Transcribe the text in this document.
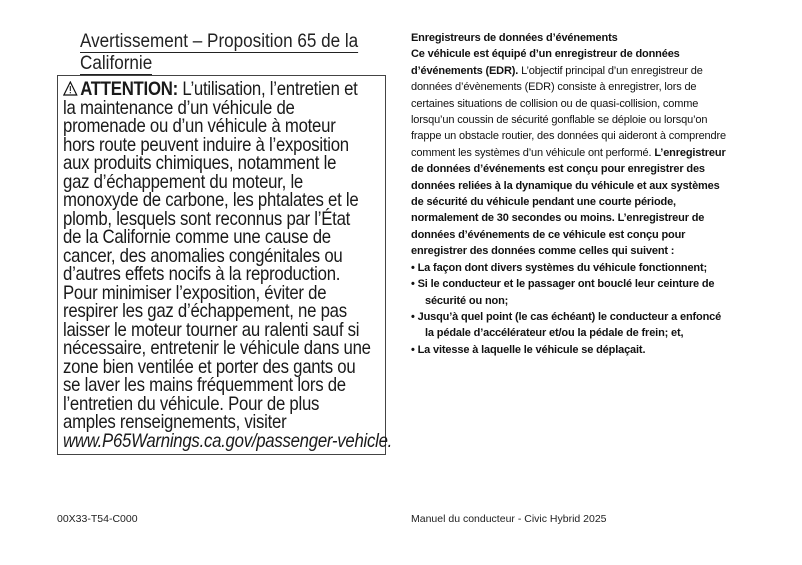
Avertissement – Proposition 65 de la
Californie
ATTENTION: L’utilisation, l’entretien et
la maintenance d’un véhicule de
promenade ou d’un véhicule à moteur
hors route peuvent induire à l’exposition
aux produits chimiques, notamment le
gaz d’échappement du moteur, le
monoxyde de carbone, les phtalates et le
plomb, lesquels sont reconnus par l’État
de la Californie comme une cause de
cancer, des anomalies congénitales ou
d’autres effets nocifs à la reproduction.
Pour minimiser l’exposition, éviter de
respirer les gaz d’échappement, ne pas
laisser le moteur tourner au ralenti sauf si
nécessaire, entretenir le véhicule dans une
zone bien ventilée et porter des gants ou
se laver les mains fréquemment lors de
l’entretien du véhicule. Pour de plus
amples renseignements, visiter
www.P65Warnings.ca.gov/passenger-vehicle.
Enregistreurs de données d’événements
Ce véhicule est équipé d’un enregistreur de données
d’événements (EDR). L’objectif principal d’un enregistreur de
données d’évènements (EDR) consiste à enregistrer, lors de
certaines situations de collision ou de quasi-collision, comme
lorsqu’un coussin de sécurité gonflable se déploie ou lorsqu’on
frappe un obstacle routier, des données qui aideront à comprendre
comment les systèmes d’un véhicule ont performé. L’enregistreur
de données d’événements est conçu pour enregistrer des
données reliées à la dynamique du véhicule et aux systèmes
de sécurité du véhicule pendant une courte période,
normalement de 30 secondes ou moins. L’enregistreur de
données d’événements de ce véhicule est conçu pour
enregistrer des données comme celles qui suivent :
• La façon dont divers systèmes du véhicule fonctionnent;
• Si le conducteur et le passager ont bouclé leur ceinture de
sécurité ou non;
• Jusqu’à quel point (le cas échéant) le conducteur a enfoncé
la pédale d’accélérateur et/ou la pédale de frein; et,
• La vitesse à laquelle le véhicule se déplaçait.
00X33-T54-C000	Manuel du conducteur - Civic Hybrid 2025
